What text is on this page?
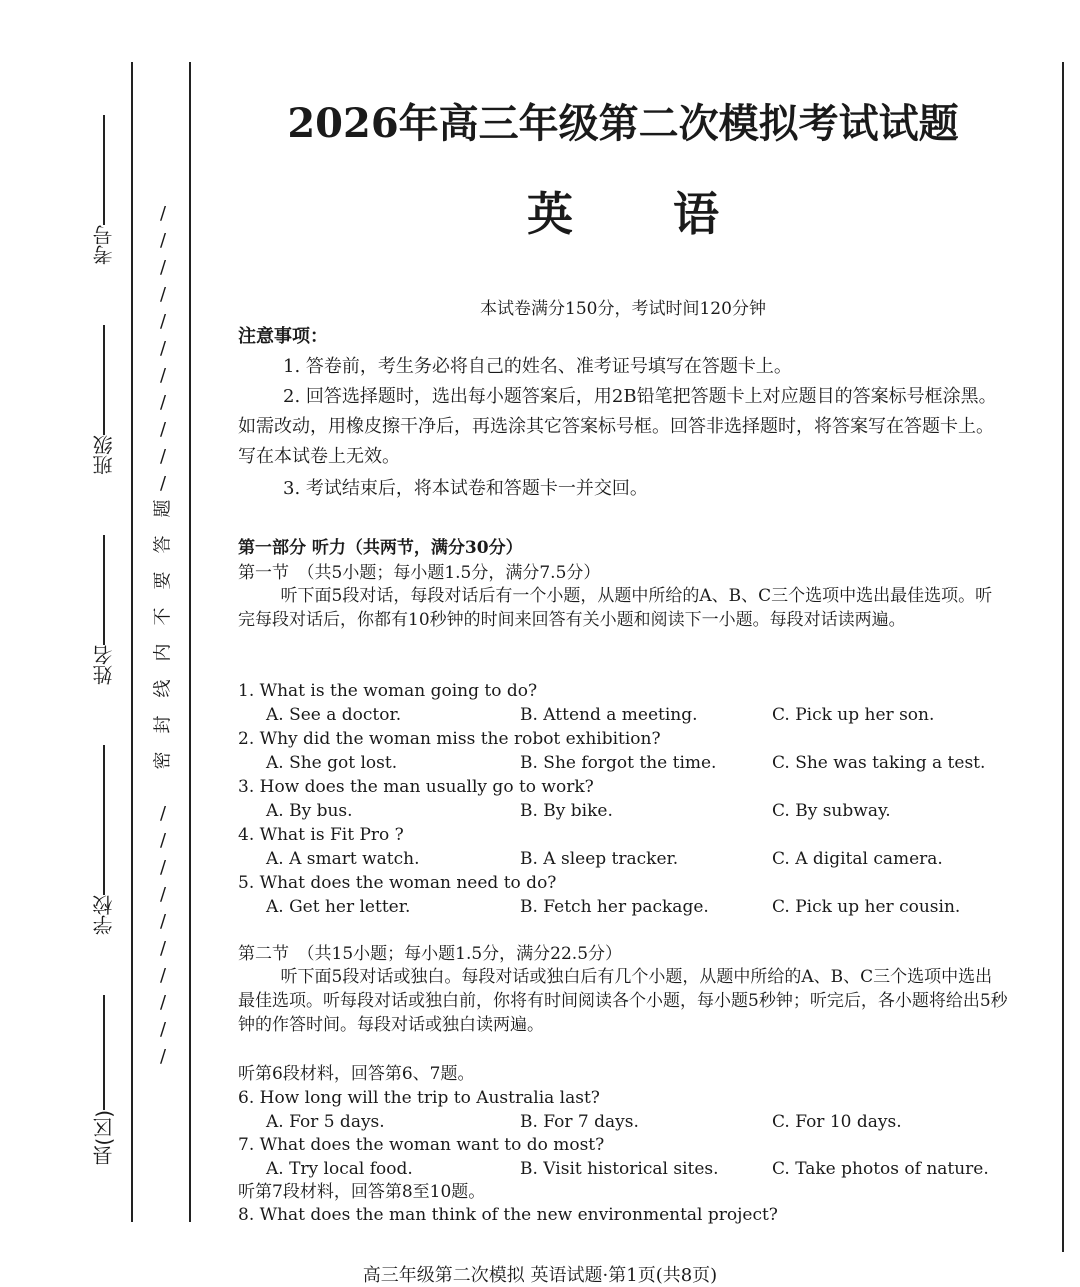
考号
班级
姓名
学校
县(区)
/
/
/
/
/
/
/
/
/
/
/
题
答
要
不
内
线
封
密
/
/
/
/
/
/
/
/
/
/
2026年高三年级第二次模拟考试试题
英语
本试卷满分150分，考试时间120分钟
注意事项：
1. 答卷前，考生务必将自己的姓名、准考证号填写在答题卡上。
2. 回答选择题时，选出每小题答案后，用2B铅笔把答题卡上对应题目的答案标号框涂黑。如需改动，用橡皮擦干净后，再选涂其它答案标号框。回答非选择题时，将答案写在答题卡上。写在本试卷上无效。
3. 考试结束后，将本试卷和答题卡一并交回。
第一部分 听力（共两节，满分30分）
第一节　（共5小题；每小题1.5分，满分7.5分）
听下面5段对话，每段对话后有一个小题，从题中所给的A、B、C三个选项中选出最佳选项。听完每段对话后，你都有10秒钟的时间来回答有关小题和阅读下一小题。每段对话读两遍。
1. What is the woman going to do?
A. See a doctor.	B. Attend a meeting.	C. Pick up her son.
2. Why did the woman miss the robot exhibition?
A. She got lost.	B. She forgot the time.	C. She was taking a test.
3. How does the man usually go to work?
A. By bus.	B. By bike.	C. By subway.
4. What is Fit Pro ?
A. A smart watch.	B. A sleep tracker.	C. A digital camera.
5. What does the woman need to do?
A. Get her letter.	B. Fetch her package.	C. Pick up her cousin.
第二节　（共15小题；每小题1.5分，满分22.5分）
听下面5段对话或独白。每段对话或独白后有几个小题，从题中所给的A、B、C三个选项中选出最佳选项。听每段对话或独白前，你将有时间阅读各个小题，每小题5秒钟；听完后，各小题将给出5秒钟的作答时间。每段对话或独白读两遍。
听第6段材料，回答第6、7题。
6. How long will the trip to Australia last?
A. For 5 days.	B. For 7 days.	C. For 10 days.
7. What does the woman want to do most?
A. Try local food.	B. Visit historical sites.	C. Take photos of nature.
听第7段材料，回答第8至10题。
8. What does the man think of the new environmental project?
高三年级第二次模拟 英语试题·第1页(共8页)
